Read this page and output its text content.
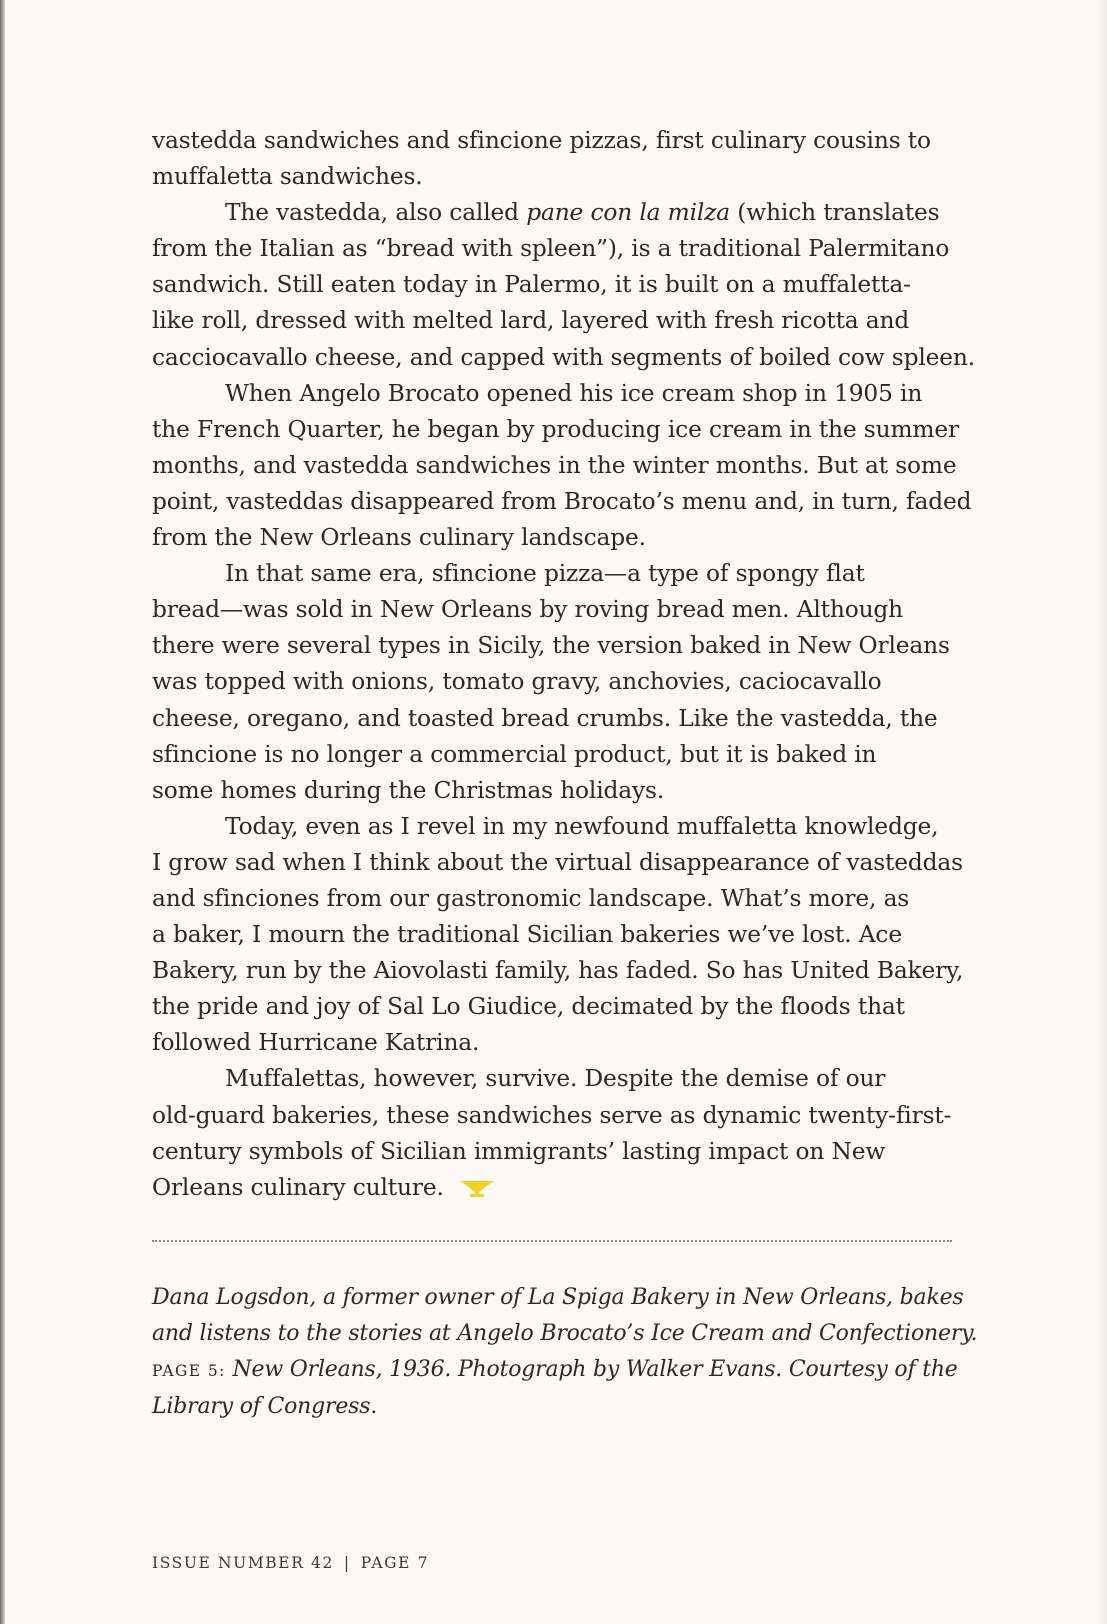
vastedda sandwiches and sfincione pizzas, first culinary cousins to
muffaletta sandwiches.

The vastedda, also called pane con la milza (which translates
from the Italian as “bread with spleen”), is a traditional Palermitano
sandwich. Still eaten today in Palermo, it is built on a muffaletta-
like roll, dressed with melted lard, layered with fresh ricotta and
cacciocavallo cheese, and capped with segments of boiled cow spleen.

When Angelo Brocato opened his ice cream shop in 1905 in
the French Quarter, he began by producing ice cream in the summer
months, and vastedda sandwiches in the winter months. But at some
point, vasteddas disappeared from Brocato’s menu and, in turn, faded
from the New Orleans culinary landscape.

In that same era, sfincione pizza—a type of spongy flat
bread—was sold in New Orleans by roving bread men. Although
there were several types in Sicily, the version baked in New Orleans
was topped with onions, tomato gravy, anchovies, caciocavallo
cheese, oregano, and toasted bread crumbs. Like the vastedda, the
sfincione is no longer a commercial product, but it is baked in
some homes during the Christmas holidays.

Today, even as I revel in my newfound muffaletta knowledge,
I grow sad when I think about the virtual disappearance of vasteddas
and sfinciones from our gastronomic landscape. What’s more, as
a baker, I mourn the traditional Sicilian bakeries we’ve lost. Ace
Bakery, run by the Aiovolasti family, has faded. So has United Bakery,
the pride and joy of Sal Lo Giudice, decimated by the floods that
followed Hurricane Katrina.

Muffalettas, however, survive. Despite the demise of our
old-guard bakeries, these sandwiches serve as dynamic twenty-first-
century symbols of Sicilian immigrants’ lasting impact on New
Orleans culinary culture.

Dana Logsdon, a former owner of La Spiga Bakery in New Orleans, bakes
and listens to the stories at Angelo Brocato’s Ice Cream and Confectionery.
PAGE 5: New Orleans, 1936. Photograph by Walker Evans. Courtesy of the
Library of Congress.
ISSUE NUMBER 42 | PAGE 7
